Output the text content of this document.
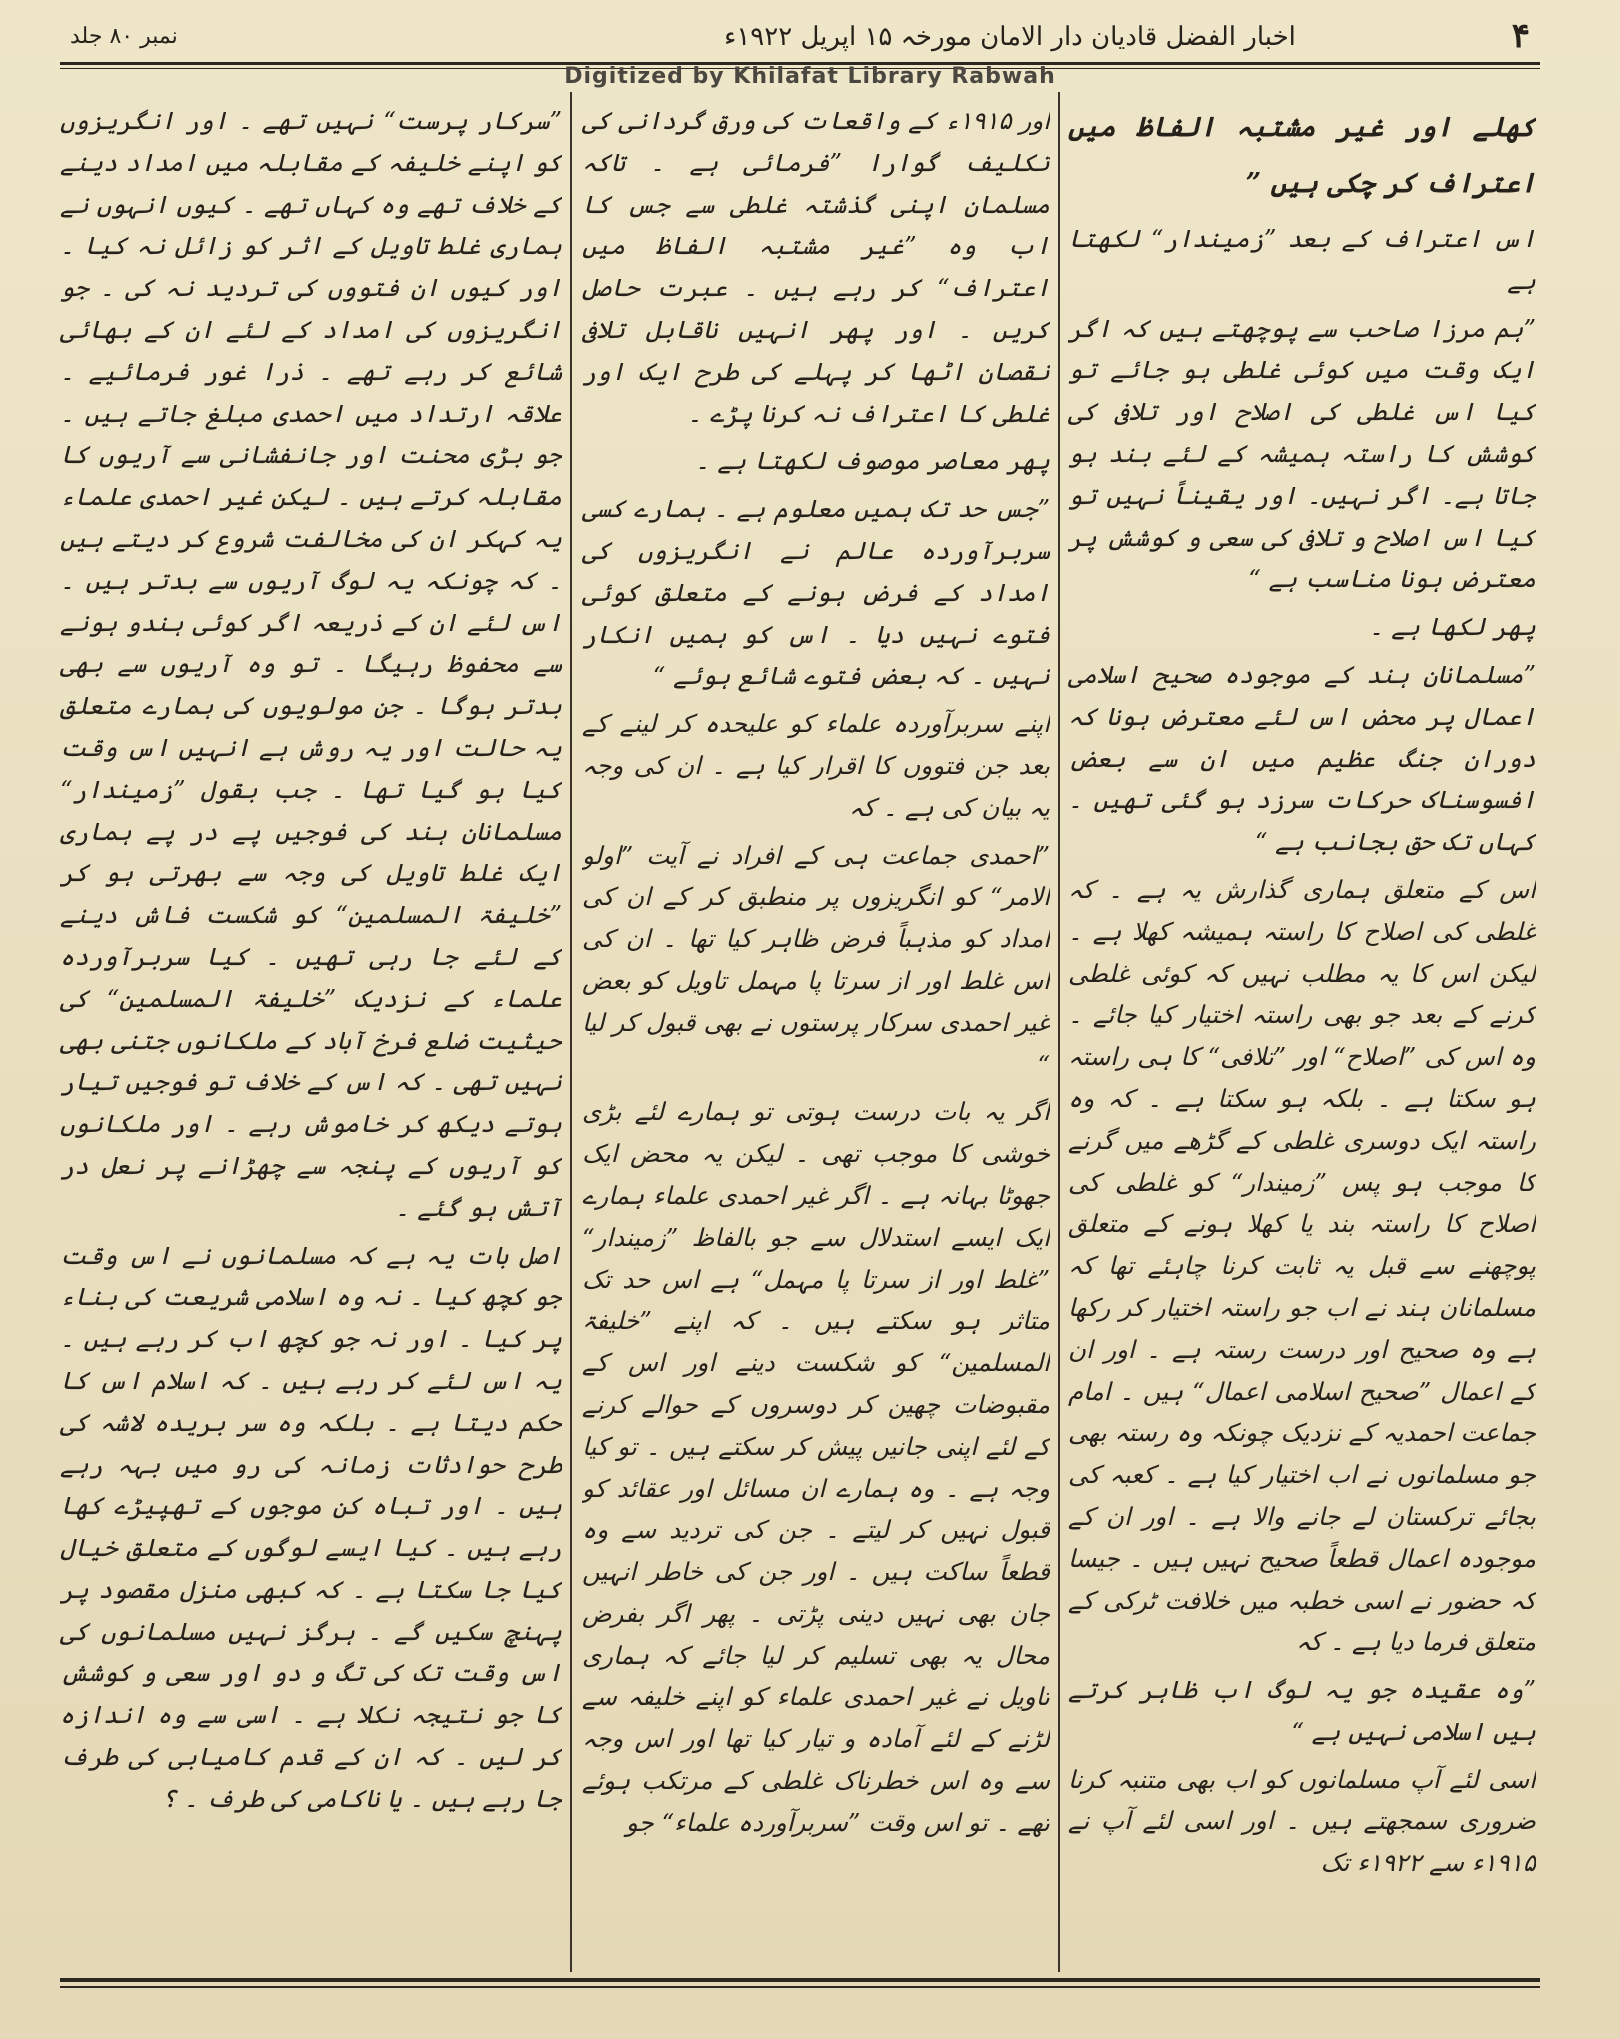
۴
اخبار الفضل قادیان دار الامان مورخہ ۱۵ اپریل ۱۹۲۲ء
نمبر ۸۰ جلد
Digitized by Khilafat Library Rabwah

کھلے اور غیر مشتبہ الفاظ میں اعتراف کر چکی ہیں ”

اس اعتراف کے بعد ”زمیندار“ لکھتا ہے

”ہم مرزا صاحب سے پوچھتے ہیں کہ اگر ایک وقت میں کوئی غلطی ہو جائے تو کیا اس غلطی کی اصلاح اور تلافی کی کوشش کا راستہ ہمیشہ کے لئے بند ہو جاتا ہے۔ اگر نہیں۔ اور یقیناً نہیں تو کیا اس اصلاح و تلافی کی سعی و کوشش پر معترض ہونا مناسب ہے “

پھر لکھا ہے ۔

”مسلمانان ہند کے موجودہ صحیح اسلامی اعمال پر محض اس لئے معترض ہونا کہ دوران جنگ عظیم میں ان سے بعض افسوسناک حرکات سرزد ہو گئی تھیں ۔ کہاں تک حق بجانب ہے “

اس کے متعلق ہماری گذارش یہ ہے ۔ کہ غلطی کی اصلاح کا راستہ ہمیشہ کھلا ہے ۔ لیکن اس کا یہ مطلب نہیں کہ کوئی غلطی کرنے کے بعد جو بھی راستہ اختیار کیا جائے ۔ وہ اس کی ”اصلاح“ اور ”تلافی“ کا ہی راستہ ہو سکتا ہے ۔ بلکہ ہو سکتا ہے ۔ کہ وہ راستہ ایک دوسری غلطی کے گڑھے میں گرنے کا موجب ہو پس ”زمیندار“ کو غلطی کی اصلاح کا راستہ بند یا کھلا ہونے کے متعلق پوچھنے سے قبل یہ ثابت کرنا چاہئے تھا کہ مسلمانان ہند نے اب جو راستہ اختیار کر رکھا ہے وہ صحیح اور درست رستہ ہے ۔ اور ان کے اعمال ”صحیح اسلامی اعمال“ ہیں ۔ امام جماعت احمدیہ کے نزدیک چونکہ وہ رستہ بھی جو مسلمانوں نے اب اختیار کیا ہے ۔ کعبہ کی بجائے ترکستان لے جانے والا ہے ۔ اور ان کے موجودہ اعمال قطعاً صحیح نہیں ہیں ۔ جیسا کہ حضور نے اسی خطبہ میں خلافت ٹرکی کے متعلق فرما دیا ہے ۔ کہ

”وہ عقیدہ جو یہ لوگ اب ظاہر کرتے ہیں اسلامی نہیں ہے “

اسی لئے آپ مسلمانوں کو اب بھی متنبہ کرنا ضروری سمجھتے ہیں ۔ اور اسی لئے آپ نے ۱۹۱۵ء سے ۱۹۲۲ء تک

اور ۱۹۱۵ء کے واقعات کی ورق گردانی کی تکلیف گوارا ”فرمائی ہے ۔ تاکہ مسلمان اپنی گذشتہ غلطی سے جس کا اب وہ ”غیر مشتبہ الفاظ میں اعتراف“ کر رہے ہیں ۔ عبرت حاصل کریں ۔ اور پھر انہیں ناقابل تلافی نقصان اٹھا کر پہلے کی طرح ایک اور غلطی کا اعتراف نہ کرنا پڑے ۔

پھر معاصر موصوف لکھتا ہے ۔

”جس حد تک ہمیں معلوم ہے ۔ ہمارے کسی سربرآوردہ عالم نے انگریزوں کی امداد کے فرض ہونے کے متعلق کوئی فتوے نہیں دیا ۔ اس کو ہمیں انکار نہیں ۔ کہ بعض فتوے شائع ہوئے “

اپنے سربرآوردہ علماء کو علیحدہ کر لینے کے بعد جن فتووں کا اقرار کیا ہے ۔ ان کی وجہ یہ بیان کی ہے ۔ کہ

”احمدی جماعت ہی کے افراد نے آیت ”اولو الامر“ کو انگریزوں پر منطبق کر کے ان کی امداد کو مذہباً فرض ظاہر کیا تھا ۔ ان کی اس غلط اور از سرتا پا مہمل تاویل کو بعض غیر احمدی سرکار پرستوں نے بھی قبول کر لیا “

اگر یہ بات درست ہوتی تو ہمارے لئے بڑی خوشی کا موجب تھی ۔ لیکن یہ محض ایک جھوٹا بہانہ ہے ۔ اگر غیر احمدی علماء ہمارے ایک ایسے استدلال سے جو بالفاظ ”زمیندار“ ”غلط اور از سرتا پا مہمل“ ہے اس حد تک متاثر ہو سکتے ہیں ۔ کہ اپنے ”خلیفۃ المسلمین“ کو شکست دینے اور اس کے مقبوضات چھین کر دوسروں کے حوالے کرنے کے لئے اپنی جانیں پیش کر سکتے ہیں ۔ تو کیا وجہ ہے ۔ وہ ہمارے ان مسائل اور عقائد کو قبول نہیں کر لیتے ۔ جن کی تردید سے وہ قطعاً ساکت ہیں ۔ اور جن کی خاطر انہیں جان بھی نہیں دینی پڑتی ۔ پھر اگر بفرض محال یہ بھی تسلیم کر لیا جائے کہ ہماری تاویل نے غیر احمدی علماء کو اپنے خلیفہ سے لڑنے کے لئے آمادہ و تیار کیا تھا اور اس وجہ سے وہ اس خطرناک غلطی کے مرتکب ہوئے تھے ۔ تو اس وقت ”سربرآوردہ علماء“ جو

”سرکار پرست“ نہیں تھے ۔ اور انگریزوں کو اپنے خلیفہ کے مقابلہ میں امداد دینے کے خلاف تھے وہ کہاں تھے ۔ کیوں انہوں نے ہماری غلط تاویل کے اثر کو زائل نہ کیا ۔ اور کیوں ان فتووں کی تردید نہ کی ۔ جو انگریزوں کی امداد کے لئے ان کے بھائی شائع کر رہے تھے ۔ ذرا غور فرمائیے ۔ علاقہ ارتداد میں احمدی مبلغ جاتے ہیں ۔ جو بڑی محنت اور جانفشانی سے آریوں کا مقابلہ کرتے ہیں ۔ لیکن غیر احمدی علماء یہ کہکر ان کی مخالفت شروع کر دیتے ہیں ۔ کہ چونکہ یہ لوگ آریوں سے بدتر ہیں ۔ اس لئے ان کے ذریعہ اگر کوئی ہندو ہونے سے محفوظ رہیگا ۔ تو وہ آریوں سے بھی بدتر ہوگا ۔ جن مولویوں کی ہمارے متعلق یہ حالت اور یہ روش ہے انہیں اس وقت کیا ہو گیا تھا ۔ جب بقول ”زمیندار“ مسلمانان ہند کی فوجیں پے در پے ہماری ایک غلط تاویل کی وجہ سے بھرتی ہو کر ”خلیفۃ المسلمین“ کو شکست فاش دینے کے لئے جا رہی تھیں ۔ کیا سربرآوردہ علماء کے نزدیک ”خلیفۃ المسلمین“ کی حیثیت ضلع فرخ آباد کے ملکانوں جتنی بھی نہیں تھی ۔ کہ اس کے خلاف تو فوجیں تیار ہوتے دیکھ کر خاموش رہے ۔ اور ملکانوں کو آریوں کے پنجہ سے چھڑانے پر نعل در آتش ہو گئے ۔

اصل بات یہ ہے کہ مسلمانوں نے اس وقت جو کچھ کیا ۔ نہ وہ اسلامی شریعت کی بناء پر کیا ۔ اور نہ جو کچھ اب کر رہے ہیں ۔ یہ اس لئے کر رہے ہیں ۔ کہ اسلام اس کا حکم دیتا ہے ۔ بلکہ وہ سر بریدہ لاشہ کی طرح حوادثات زمانہ کی رو میں بہہ رہے ہیں ۔ اور تباہ کن موجوں کے تھپیڑے کھا رہے ہیں ۔ کیا ایسے لوگوں کے متعلق خیال کیا جا سکتا ہے ۔ کہ کبھی منزل مقصود پر پہنچ سکیں گے ۔ ہرگز نہیں مسلمانوں کی اس وقت تک کی تگ و دو اور سعی و کوشش کا جو نتیجہ نکلا ہے ۔ اسی سے وہ اندازہ کر لیں ۔ کہ ان کے قدم کامیابی کی طرف جا رہے ہیں ۔ یا ناکامی کی طرف ۔ ؟
